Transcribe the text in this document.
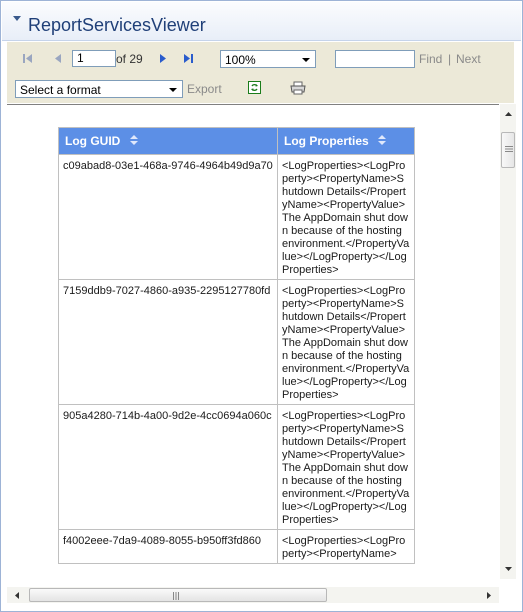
ReportServicesViewer
1
of 29	100%	Find | Next
Select a format	Export
Log GUID	Log Properties
c09abad8-03e1-468a-9746-4964b49d9a70	<LogProperties><LogProperty><PropertyName>Shutdown Details</PropertyName><PropertyValue>The AppDomain shut down because of the hosting environment.</PropertyValue></LogProperty></LogProperties>
7159ddb9-7027-4860-a935-2295127780fd	<LogProperties><LogProperty><PropertyName>Shutdown Details</PropertyName><PropertyValue>The AppDomain shut down because of the hosting environment.</PropertyValue></LogProperty></LogProperties>
905a4280-714b-4a00-9d2e-4cc0694a060c	<LogProperties><LogProperty><PropertyName>Shutdown Details</PropertyName><PropertyValue>The AppDomain shut down because of the hosting environment.</PropertyValue></LogProperty></LogProperties>
f4002eee-7da9-4089-8055-b950ff3fd860	<LogProperties><LogProperty><PropertyName>
